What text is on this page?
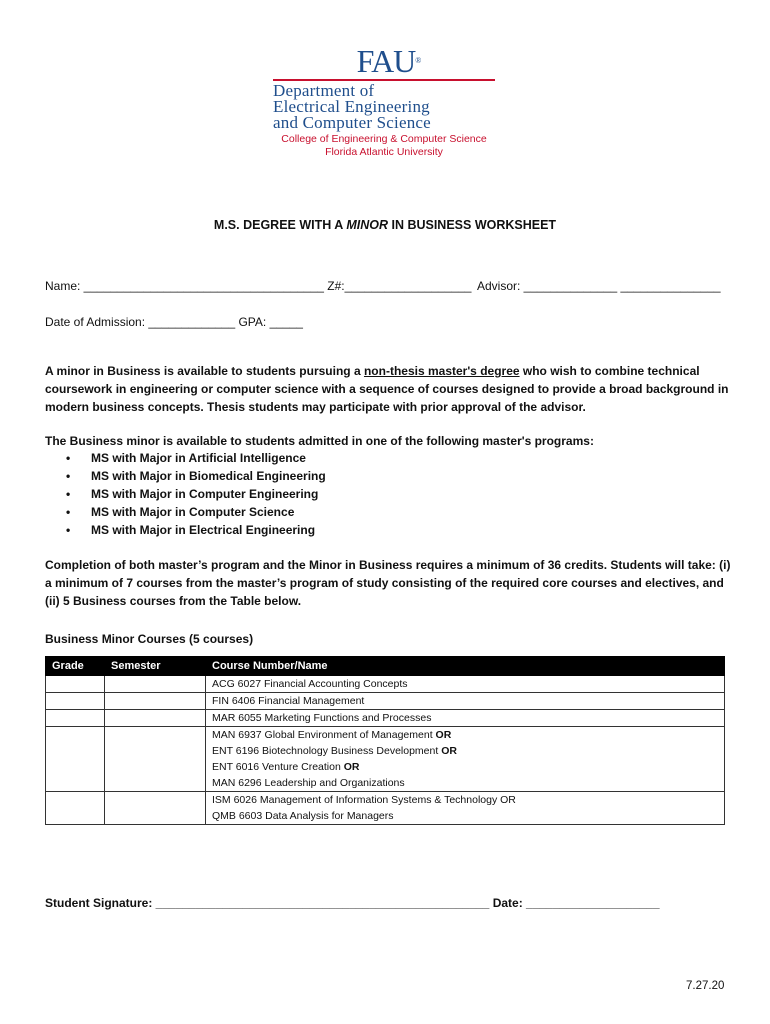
FAU®
Department of
Electrical Engineering
and Computer Science
College of Engineering & Computer Science
Florida Atlantic University
M.S. DEGREE WITH A MINOR IN BUSINESS WORKSHEET
Name: ____________________________________ Z#:___________________ Advisor: ______________ _______________
Date of Admission: _____________ GPA: _____
A minor in Business is available to students pursuing a non-thesis master's degree who wish to combine technical coursework in engineering or computer science with a sequence of courses designed to provide a broad background in modern business concepts. Thesis students may participate with prior approval of the advisor.
The Business minor is available to students admitted in one of the following master's programs:
• MS with Major in Artificial Intelligence
• MS with Major in Biomedical Engineering
• MS with Major in Computer Engineering
• MS with Major in Computer Science
• MS with Major in Electrical Engineering
Completion of both master’s program and the Minor in Business requires a minimum of 36 credits. Students will take: (i) a minimum of 7 courses from the master’s program of study consisting of the required core courses and electives, and (ii) 5 Business courses from the Table below.
Business Minor Courses (5 courses)
Grade	Semester	Course Number/Name

		ACG 6027 Financial Accounting Concepts

		FIN 6406 Financial Management

		MAR 6055 Marketing Functions and Processes

		MAN 6937 Global Environment of Management OR
ENT 6196 Biotechnology Business Development OR
ENT 6016 Venture Creation OR
MAN 6296 Leadership and Organizations

		ISM 6026 Management of Information Systems & Technology OR
QMB 6603 Data Analysis for Managers
Student Signature: __________________________________________________ Date: ____________________
7.27.20
